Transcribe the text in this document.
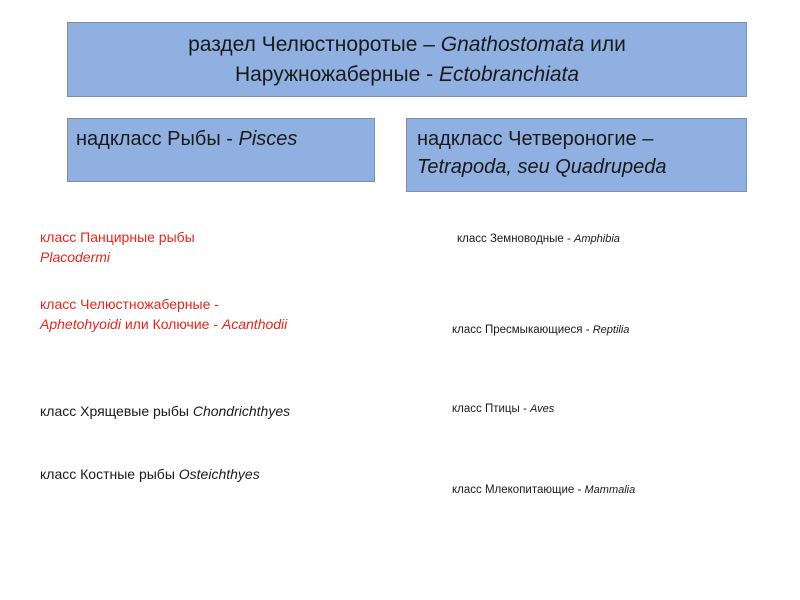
раздел Челюстноротые – Gnathostomata или
Наружножаберные - Ectobranchiata
надкласс Рыбы - Pisces	надкласс Четвероногие –
Tetrapoda, seu Quadrupeda
класс Панцирные рыбы
Placodermi
класс Челюстножаберные -
Aphetohyoidi или Колючие - Acanthodii
класс Хрящевые рыбы Chondrichthyes
класс Костные рыбы Osteichthyes
класс Земноводные - Amphibia
класс Пресмыкающиеся - Reptilia
класс Птицы - Aves
класс Млекопитающие - Mammalia
